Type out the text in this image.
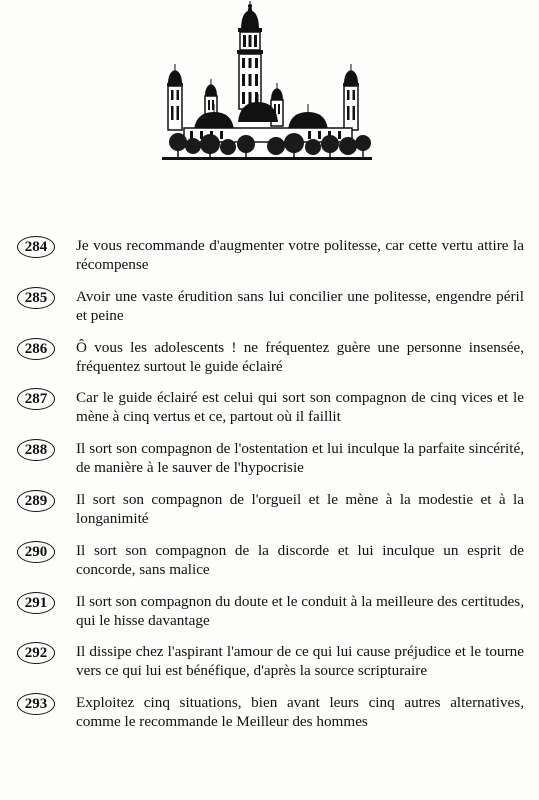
284	Je vous recommande d'augmenter votre politesse, car cette vertu attire la récompense
285	Avoir une vaste érudition sans lui concilier une politesse, engendre péril et peine
286	Ô vous les adolescents ! ne fréquentez guère une personne insensée, fréquentez surtout le guide éclairé
287	Car le guide éclairé est celui qui sort son compagnon de cinq vices et le mène à cinq vertus et ce, partout où il faillit
288	Il sort son compagnon de l'ostentation et lui inculque la parfaite sincérité, de manière à le sauver de l'hypocrisie
289	Il sort son compagnon de l'orgueil et le mène à la modestie et à la longanimité
290	Il sort son compagnon de la discorde et lui inculque un esprit de concorde, sans malice
291	Il sort son compagnon du doute et le conduit à la meilleure des certitudes, qui le hisse davantage
292	Il dissipe chez l'aspirant l'amour de ce qui lui cause préjudice et le tourne vers ce qui lui est bénéfique, d'après la source scripturaire
293	Exploitez cinq situations, bien avant leurs cinq autres alternatives, comme le recommande le Meilleur des hommes
